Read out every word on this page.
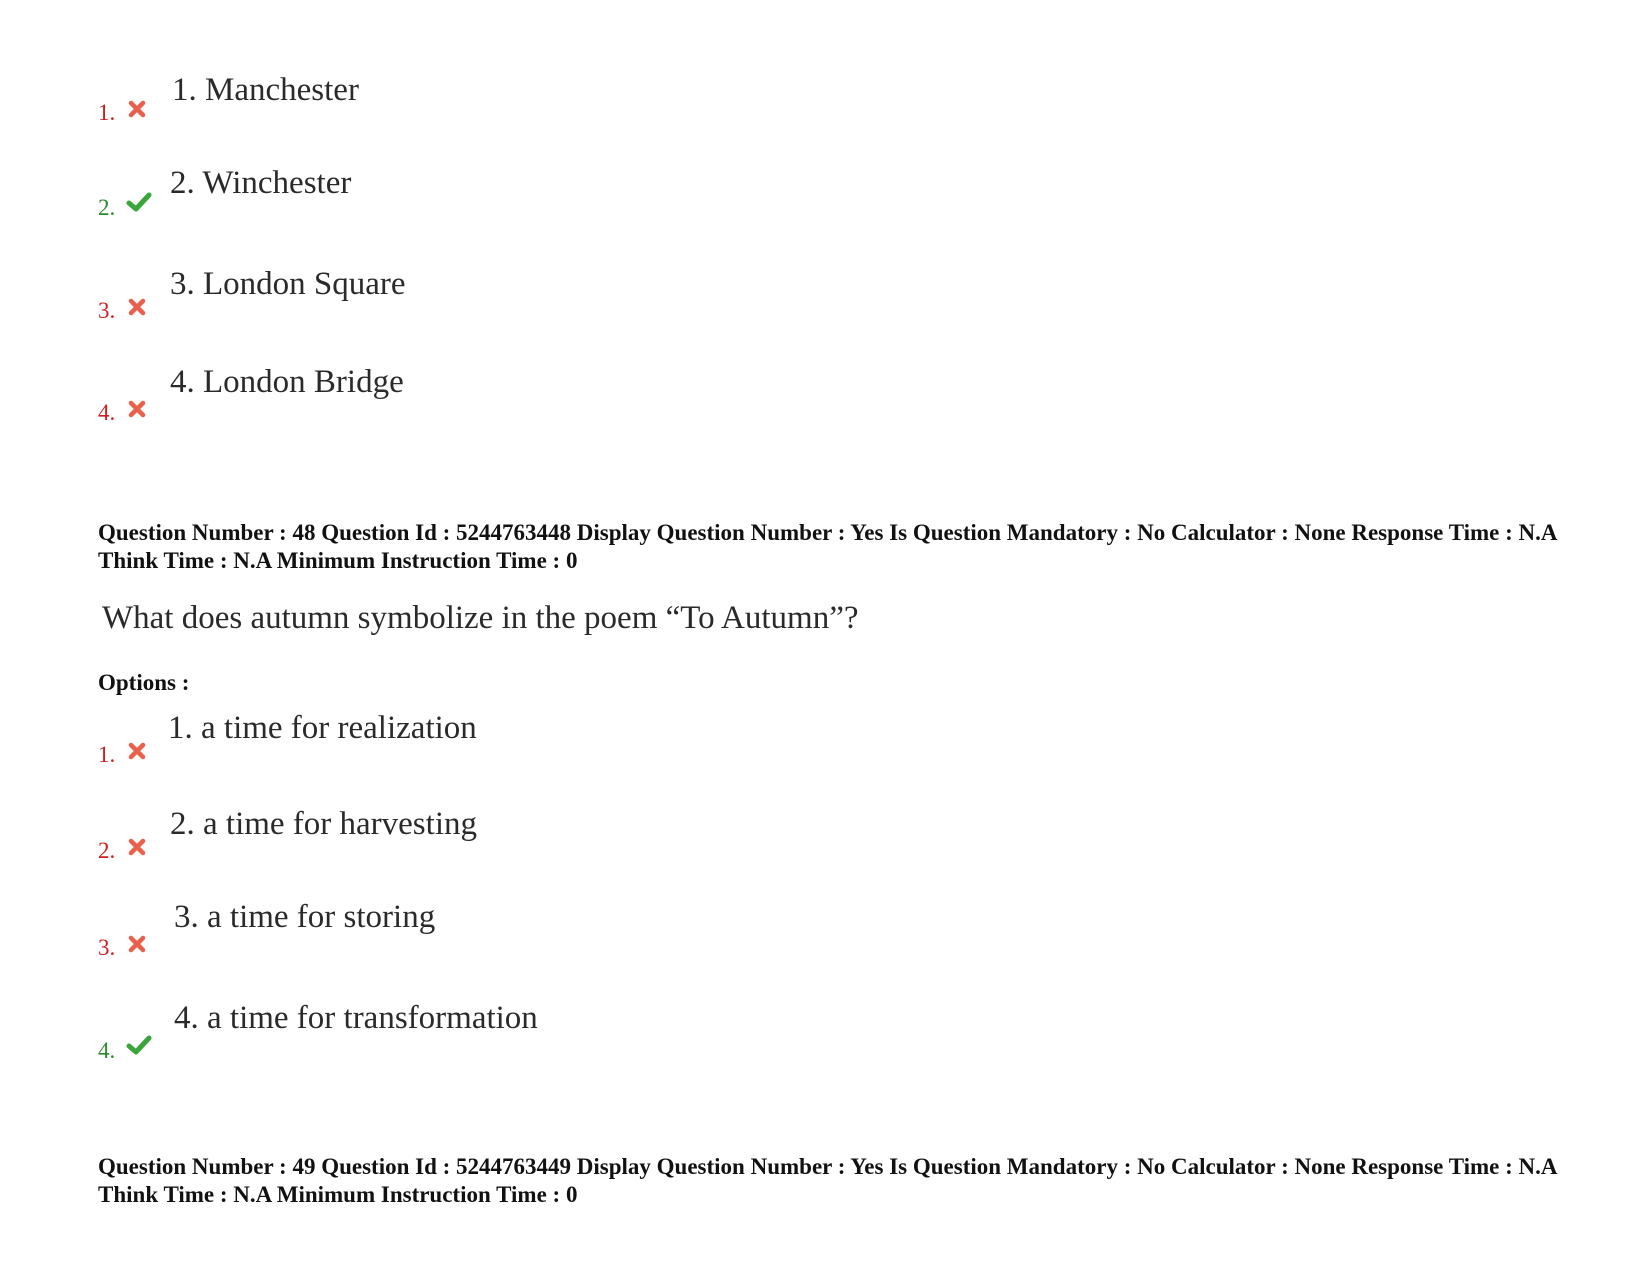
1.
1. Manchester
2.
2. Winchester
3.
3. London Square
4.
4. London Bridge
Question Number : 48 Question Id : 5244763448 Display Question Number : Yes Is Question Mandatory : No Calculator : None Response Time : N.A Think Time : N.A Minimum Instruction Time : 0
What does autumn symbolize in the poem “To Autumn”?
Options :
1.
1. a time for realization
2.
2. a time for harvesting
3.
3. a time for storing
4.
4. a time for transformation
Question Number : 49 Question Id : 5244763449 Display Question Number : Yes Is Question Mandatory : No Calculator : None Response Time : N.A Think Time : N.A Minimum Instruction Time : 0
